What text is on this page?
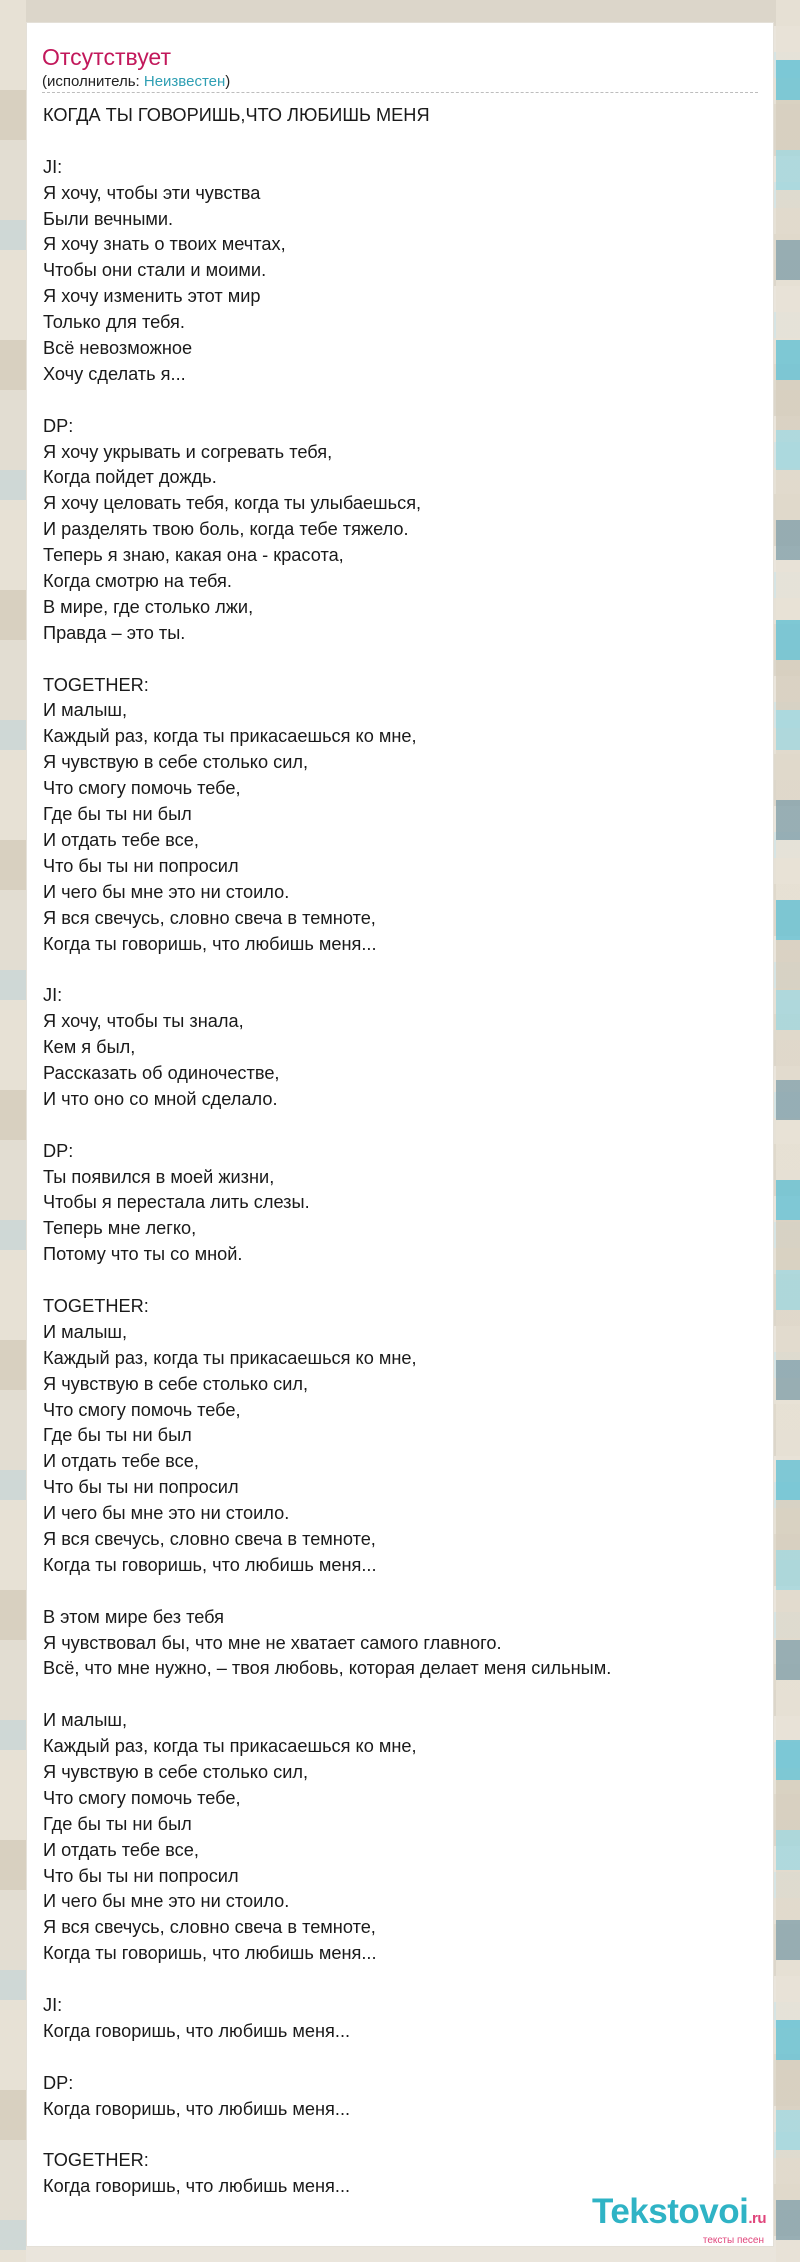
Отсутствует
(исполнитель: Неизвестен)
КОГДА ТЫ ГОВОРИШЬ,ЧТО ЛЮБИШЬ МЕНЯ
JI:
Я хочу, чтобы эти чувства
Были вечными.
Я хочу знать о твоих мечтах,
Чтобы они стали и моими.
Я хочу изменить этот мир
Только для тебя.
Всё невозможное
Хочу сделать я...
DP:
Я хочу укрывать и согревать тебя,
Когда пойдет дождь.
Я хочу целовать тебя, когда ты улыбаешься,
И разделять твою боль, когда тебе тяжело.
Теперь я знаю, какая она - красота,
Когда смотрю на тебя.
В мире, где столько лжи,
Правда – это ты.
TOGETHER:
И малыш,
Каждый раз, когда ты прикасаешься ко мне,
Я чувствую в себе столько сил,
Что смогу помочь тебе,
Где бы ты ни был
И отдать тебе все,
Что бы ты ни попросил
И чего бы мне это ни стоило.
Я вся свечусь, словно свеча в темноте,
Когда ты говоришь, что любишь меня...
JI:
Я хочу, чтобы ты знала,
Кем я был,
Рассказать об одиночестве,
И что оно со мной сделало.
DP:
Ты появился в моей жизни,
Чтобы я перестала лить слезы.
Теперь мне легко,
Потому что ты со мной.
TOGETHER:
И малыш,
Каждый раз, когда ты прикасаешься ко мне,
Я чувствую в себе столько сил,
Что смогу помочь тебе,
Где бы ты ни был
И отдать тебе все,
Что бы ты ни попросил
И чего бы мне это ни стоило.
Я вся свечусь, словно свеча в темноте,
Когда ты говоришь, что любишь меня...
В этом мире без тебя
Я чувствовал бы, что мне не хватает самого главного.
Всё, что мне нужно, – твоя любовь, которая делает меня сильным.
И малыш,
Каждый раз, когда ты прикасаешься ко мне,
Я чувствую в себе столько сил,
Что смогу помочь тебе,
Где бы ты ни был
И отдать тебе все,
Что бы ты ни попросил
И чего бы мне это ни стоило.
Я вся свечусь, словно свеча в темноте,
Когда ты говоришь, что любишь меня...
JI:
Когда говоришь, что любишь меня...
DP:
Когда говоришь, что любишь меня...
TOGETHER:
Когда говоришь, что любишь меня...
Tekstovoi.ru
тексты песен
